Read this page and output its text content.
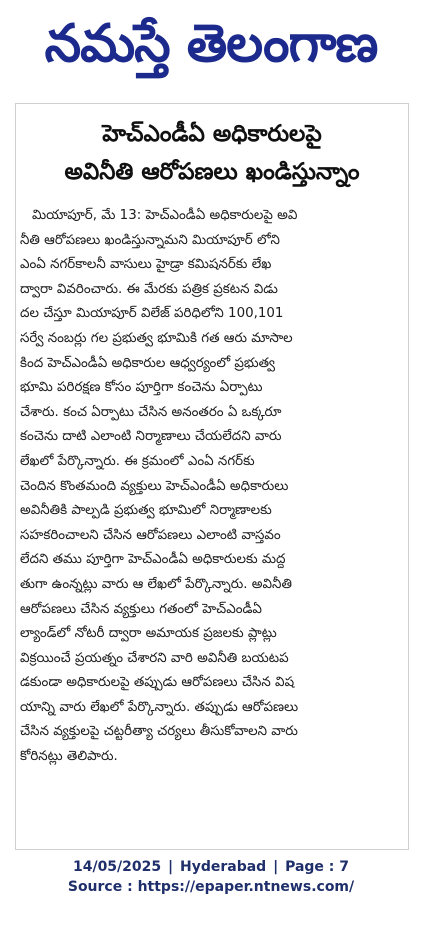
నమస్తే తెలంగాణ
హెచ్‌ఎండీఏ అధికారులపై
అవినీతి ఆరోపణలు ఖండిస్తున్నాం
మియాపూర్, మే 13: హెచ్‌ఎండీఏ అధికారులపై అవి
నీతి ఆరోపణలు ఖండిస్తున్నామని మియాపూర్ లోని
ఎంఏ నగర్‌కాలనీ వాసులు హైడ్రా కమిషనర్‌కు లేఖ
ద్వారా వివరించారు. ఈ మేరకు పత్రిక ప్రకటన విడు
దల చేస్తూ మియాపూర్ విలేజ్ పరిధిలోని 100,101
సర్వే నంబర్లు గల ప్రభుత్వ భూమికి గత ఆరు మాసాల
కింద హెచ్‌ఎండీఏ అధికారుల ఆధ్వర్యంలో ప్రభుత్వ
భూమి పరిరక్షణ కోసం పూర్తిగా కంచెను ఏర్పాటు
చేశారు. కంచ ఏర్పాటు చేసిన అనంతరం ఏ ఒక్కరూ
కంచెను దాటి ఎలాంటి నిర్మాణాలు చేయలేదని వారు
లేఖలో పేర్కొన్నారు. ఈ క్రమంలో ఎంఏ నగర్‌కు
చెందిన కొంతమంది వ్యక్తులు హెచ్‌ఎండీఏ అధికారులు
అవినీతికి పాల్పడి ప్రభుత్వ భూమిలో నిర్మాణాలకు
సహకరించాలని చేసిన ఆరోపణలు ఎలాంటి వాస్తవం
లేదని తము పూర్తిగా హెచ్‌ఎండీఏ అధికారులకు మద్ద
తుగా ఉంన్నట్లు వారు ఆ లేఖలో పేర్కొన్నారు. అవినీతి
ఆరోపణలు చేసిన వ్యక్తులు గతంలో హెచ్‌ఎండీఏ
ల్యాండ్‌లో నోటరీ ద్వారా అమాయక ప్రజలకు ప్లాట్లు
విక్రయించే ప్రయత్నం చేశారని వారి అవినీతి బయటప
డకుండా అధికారులపై తప్పుడు ఆరోపణలు చేసిన విష
యాన్ని వారు లేఖలో పేర్కొన్నారు. తప్పుడు ఆరోపణలు
చేసిన వ్యక్తులపై చట్టరీత్యా చర్యలు తీసుకోవాలని వారు
కోరినట్లు తెలిపారు.
14/05/2025 | Hyderabad | Page : 7
Source : https://epaper.ntnews.com/
